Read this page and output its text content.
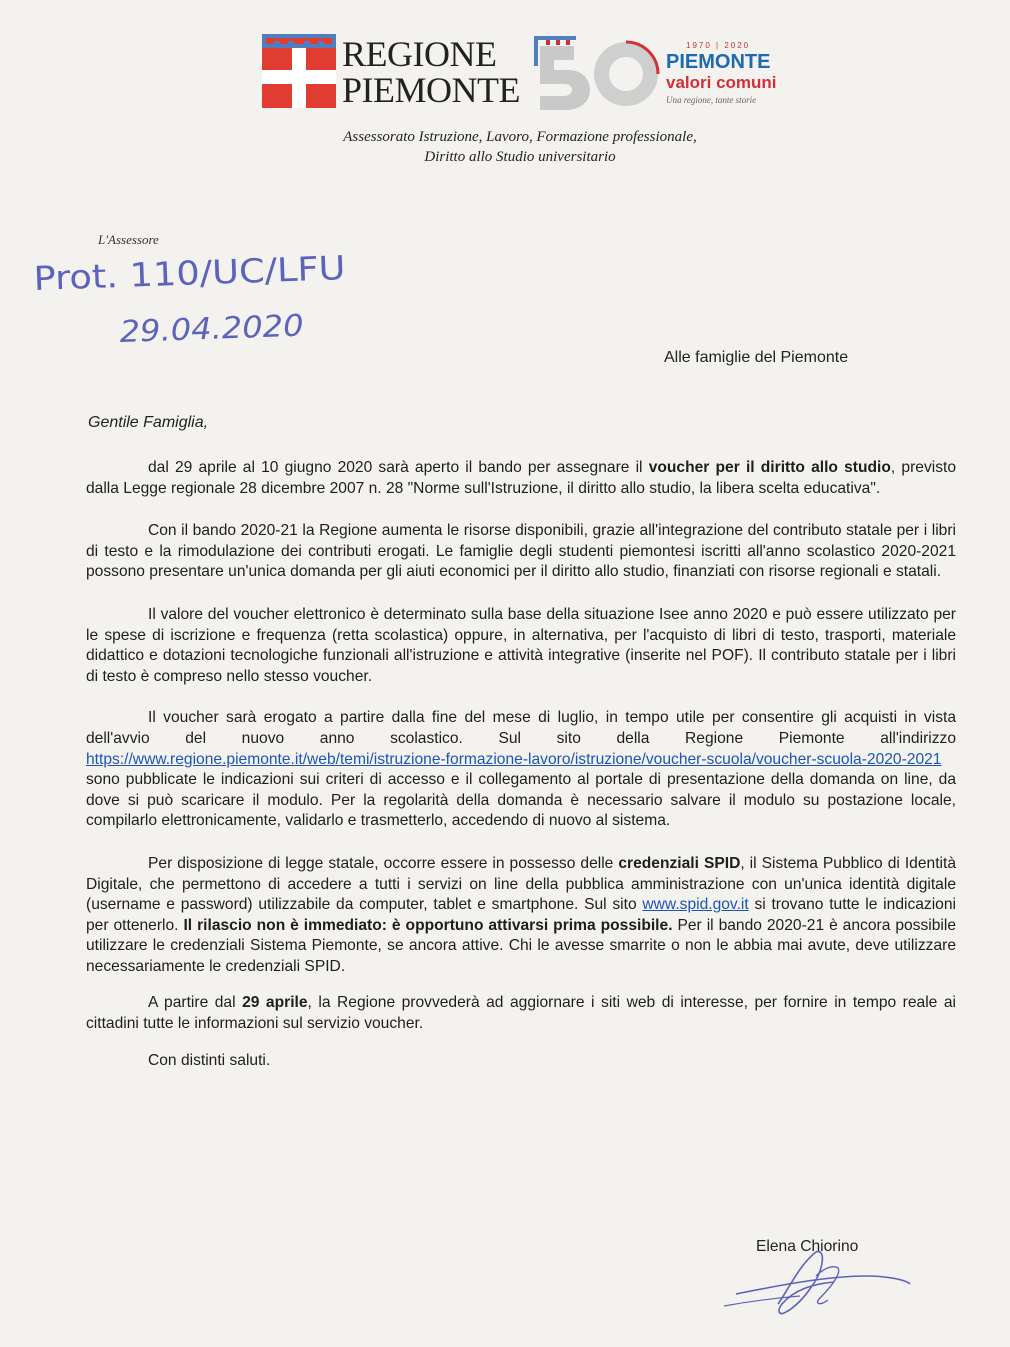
REGIONE
PIEMONTE
1970 | 2020
PIEMONTE
valori comuni
Una regione, tante storie
Assessorato Istruzione, Lavoro, Formazione professionale,
Diritto allo Studio universitario
L'Assessore
Prot. 110/UC/LFU
29.04.2020
Alle famiglie del Piemonte
Gentile Famiglia,

dal 29 aprile al 10 giugno 2020 sarà aperto il bando per assegnare il voucher per il diritto allo studio, previsto dalla Legge regionale 28 dicembre 2007 n. 28 "Norme sull'Istruzione, il diritto allo studio, la libera scelta educativa".

Con il bando 2020-21 la Regione aumenta le risorse disponibili, grazie all'integrazione del contributo statale per i libri di testo e la rimodulazione dei contributi erogati. Le famiglie degli studenti piemontesi iscritti all'anno scolastico 2020-2021 possono presentare un'unica domanda per gli aiuti economici per il diritto allo studio, finanziati con risorse regionali e statali.

Il valore del voucher elettronico è determinato sulla base della situazione Isee anno 2020 e può essere utilizzato per le spese di iscrizione e frequenza (retta scolastica) oppure, in alternativa, per l'acquisto di libri di testo, trasporti, materiale didattico e dotazioni tecnologiche funzionali all'istruzione e attività integrative (inserite nel POF). Il contributo statale per i libri di testo è compreso nello stesso voucher.

Il voucher sarà erogato a partire dalla fine del mese di luglio, in tempo utile per consentire gli acquisti in vista dell'avvio del nuovo anno scolastico. Sul sito della Regione Piemonte all'indirizzo https://www.regione.piemonte.it/web/temi/istruzione-formazione-lavoro/istruzione/voucher-scuola/voucher-scuola-2020-2021 sono pubblicate le indicazioni sui criteri di accesso e il collegamento al portale di presentazione della domanda on line, da dove si può scaricare il modulo. Per la regolarità della domanda è necessario salvare il modulo su postazione locale, compilarlo elettronicamente, validarlo e trasmetterlo, accedendo di nuovo al sistema.

Per disposizione di legge statale, occorre essere in possesso delle credenziali SPID, il Sistema Pubblico di Identità Digitale, che permettono di accedere a tutti i servizi on line della pubblica amministrazione con un'unica identità digitale (username e password) utilizzabile da computer, tablet e smartphone. Sul sito www.spid.gov.it si trovano tutte le indicazioni per ottenerlo. Il rilascio non è immediato: è opportuno attivarsi prima possibile. Per il bando 2020-21 è ancora possibile utilizzare le credenziali Sistema Piemonte, se ancora attive. Chi le avesse smarrite o non le abbia mai avute, deve utilizzare necessariamente le credenziali SPID.

A partire dal 29 aprile, la Regione provvederà ad aggiornare i siti web di interesse, per fornire in tempo reale ai cittadini tutte le informazioni sul servizio voucher.

Con distinti saluti.

Elena Chiorino
